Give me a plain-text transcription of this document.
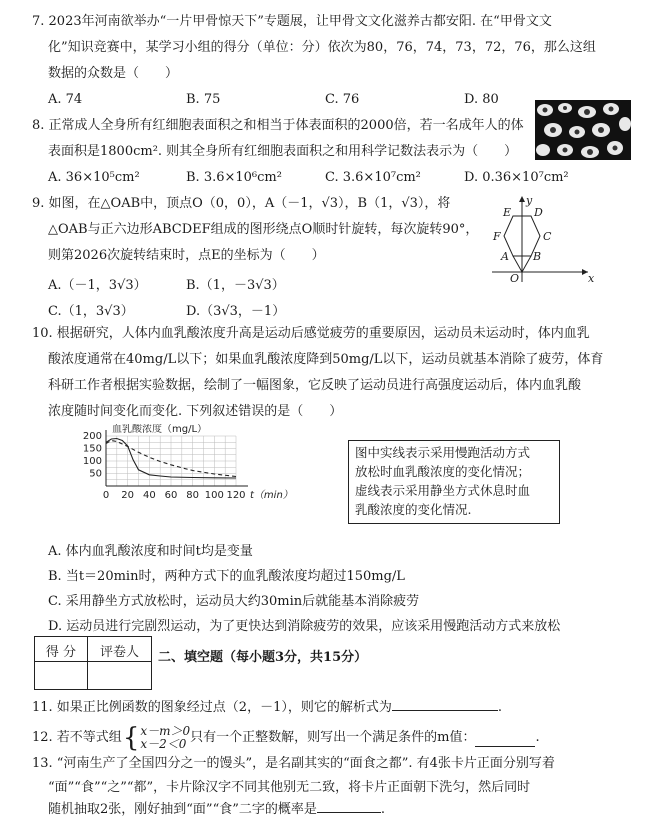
7. 2023年河南欲举办“一片甲骨惊天下”专题展，让甲骨文文化滋养古都安阳. 在“甲骨文文
化”知识竞赛中，某学习小组的得分（单位：分）依次为80，76，74，73，72，76，那么这组
数据的众数是（　　）
A. 74	B. 75	C. 76	D. 80
8. 正常成人全身所有红细胞表面积之和相当于体表面积的2000倍，若一名成年人的体
表面积是1800cm². 则其全身所有红细胞表面积之和用科学记数法表示为（　　）
A. 36×10⁵cm²	B. 3.6×10⁶cm²	C. 3.6×10⁷cm²	D. 0.36×10⁷cm²
9. 如图，在△OAB中，顶点O（0，0），A（－1，√3），B（1，√3），将
△OAB与正六边形ABCDEF组成的图形绕点O顺时针旋转，每次旋转90°，
则第2026次旋转结束时，点E的坐标为（　　）
A.（－1，3√3）	B.（1，－3√3）
C.（1，3√3）	D.（3√3，－1）
y
x
O
A B
C
D
E
F
10. 根据研究，人体内血乳酸浓度升高是运动后感觉疲劳的重要原因，运动员未运动时，体内血乳
酸浓度通常在40mg/L以下；如果血乳酸浓度降到50mg/L以下，运动员就基本消除了疲劳，体育
科研工作者根据实验数据，绘制了一幅图象，它反映了运动员进行高强度运动后，体内血乳酸
浓度随时间变化而变化. 下列叙述错误的是（　　）
0 20 40 60 80 100 120
100
150
200
50
血乳酸浓度（mg/L）
t（min）
图中实线表示采用慢跑活动方式
放松时血乳酸浓度的变化情况；
虚线表示采用静坐方式休息时血
乳酸浓度的变化情况.
A. 体内血乳酸浓度和时间t均是变量
B. 当t＝20min时，两种方式下的血乳酸浓度均超过150mg/L
C. 采用静坐方式放松时，运动员大约30min后就能基本消除疲劳
D. 运动员进行完剧烈运动，为了更快达到消除疲劳的效果，应该采用慢跑活动方式来放松
得 分	评卷人	二、填空题（每小题3分，共15分）
11. 如果正比例函数的图象经过点（2，－1），则它的解析式为	.
12. 若不等式组 { x－m＞0
x－2＜0 只有一个正整数解，则写出一个满足条件的m值：	.
13. “河南生产了全国四分之一的馒头”，是名副其实的“面食之都”. 有4张卡片正面分别写着
“面”“食”“之”“都”，卡片除汉字不同其他别无二致，将卡片正面朝下洗匀，然后同时
随机抽取2张，刚好抽到“面”“食”二字的概率是	.
